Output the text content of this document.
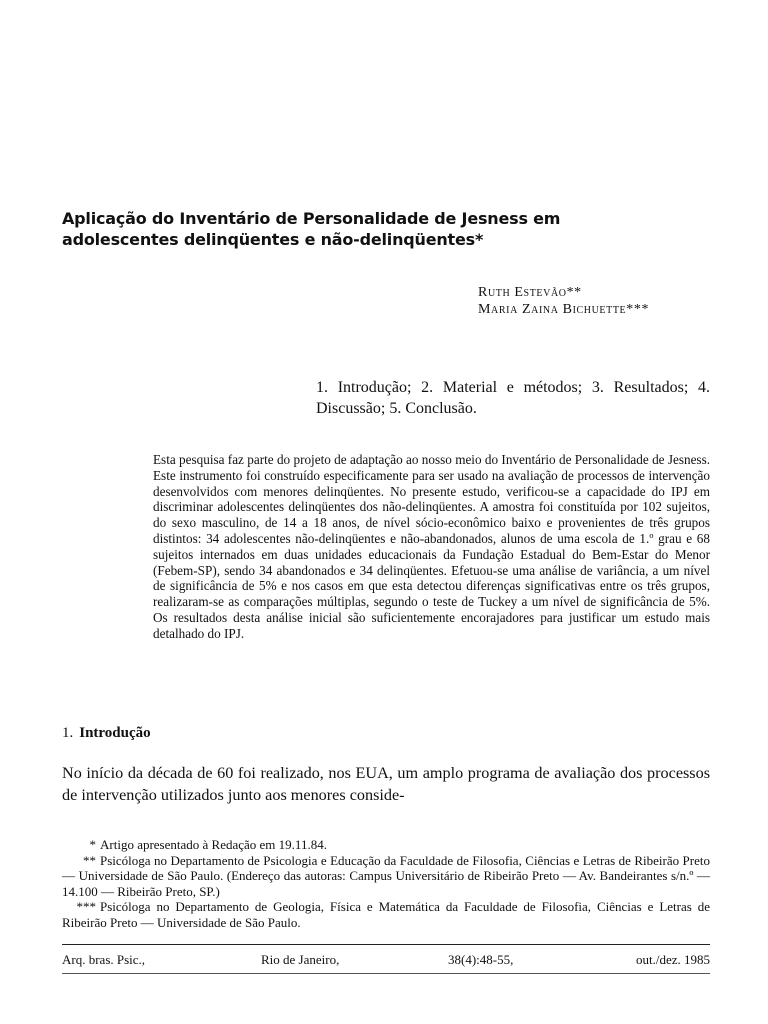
Aplicação do Inventário de Personalidade de Jesness em adolescentes delinqüentes e não-delinqüentes*
Ruth Estevão**
Maria Zaina Bichuette***
1. Introdução; 2. Material e métodos; 3. Resultados; 4. Discussão; 5. Conclusão.
Esta pesquisa faz parte do projeto de adaptação ao nosso meio do Inventário de Personalidade de Jesness. Este instrumento foi construído especificamente para ser usado na avaliação de processos de intervenção desenvolvidos com menores delinqüentes. No presente estudo, verificou-se a capacidade do IPJ em discriminar adolescentes delinqüentes dos não-delinqüentes. A amostra foi constituída por 102 sujeitos, do sexo masculino, de 14 a 18 anos, de nível sócio-econômico baixo e provenientes de três grupos distintos: 34 adolescentes não-delinqüentes e não-abandonados, alunos de uma escola de 1.º grau e 68 sujeitos internados em duas unidades educacionais da Fundação Estadual do Bem-Estar do Menor (Febem-SP), sendo 34 abandonados e 34 delinqüentes. Efetuou-se uma análise de variância, a um nível de significância de 5% e nos casos em que esta detectou diferenças significativas entre os três grupos, realizaram-se as comparações múltiplas, segundo o teste de Tuckey a um nível de significância de 5%. Os resultados desta análise inicial são suficientemente encorajadores para justificar um estudo mais detalhado do IPJ.
1. Introdução
No início da década de 60 foi realizado, nos EUA, um amplo programa de avaliação dos processos de intervenção utilizados junto aos menores conside-
* Artigo apresentado à Redação em 19.11.84.
** Psicóloga no Departamento de Psicologia e Educação da Faculdade de Filosofia, Ciências e Letras de Ribeirão Preto — Universidade de São Paulo. (Endereço das autoras: Campus Universitário de Ribeirão Preto — Av. Bandeirantes s/n.º — 14.100 — Ribeirão Preto, SP.)
*** Psicóloga no Departamento de Geologia, Física e Matemática da Faculdade de Filosofia, Ciências e Letras de Ribeirão Preto — Universidade de São Paulo.
Arq. bras. Psic.,	Rio de Janeiro,	38(4):48-55,	out./dez. 1985
